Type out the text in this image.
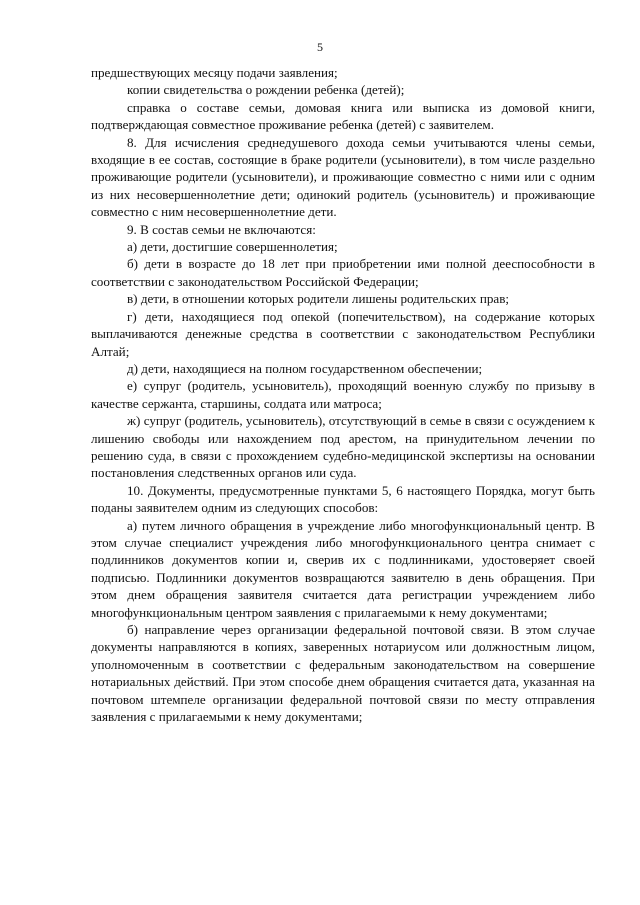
5

предшествующих месяцу подачи заявления;

копии свидетельства о рождении ребенка (детей);

справка о составе семьи, домовая книга или выписка из домовой книги, подтверждающая совместное проживание ребенка (детей) с заявителем.

8. Для исчисления среднедушевого дохода семьи учитываются члены семьи, входящие в ее состав, состоящие в браке родители (усыновители), в том числе раздельно проживающие родители (усыновители), и проживающие совместно с ними или с одним из них несовершеннолетние дети; одинокий родитель (усыновитель) и проживающие совместно с ним несовершеннолетние дети.

9. В состав семьи не включаются:

а) дети, достигшие совершеннолетия;

б) дети в возрасте до 18 лет при приобретении ими полной дееспособности в соответствии с законодательством Российской Федерации;

в) дети, в отношении которых родители лишены родительских прав;

г) дети, находящиеся под опекой (попечительством), на содержание которых выплачиваются денежные средства в соответствии с законодательством Республики Алтай;

д) дети, находящиеся на полном государственном обеспечении;

е) супруг (родитель, усыновитель), проходящий военную службу по призыву в качестве сержанта, старшины, солдата или матроса;

ж) супруг (родитель, усыновитель), отсутствующий в семье в связи с осуждением к лишению свободы или нахождением под арестом, на принудительном лечении по решению суда, в связи с прохождением судебно-медицинской экспертизы на основании постановления следственных органов или суда.

10. Документы, предусмотренные пунктами 5, 6 настоящего Порядка, могут быть поданы заявителем одним из следующих способов:

а) путем личного обращения в учреждение либо многофункциональный центр. В этом случае специалист учреждения либо многофункционального центра снимает с подлинников документов копии и, сверив их с подлинниками, удостоверяет своей подписью. Подлинники документов возвращаются заявителю в день обращения. При этом днем обращения заявителя считается дата регистрации учреждением либо многофункциональным центром заявления с прилагаемыми к нему документами;

б) направление через организации федеральной почтовой связи. В этом случае документы направляются в копиях, заверенных нотариусом или должностным лицом, уполномоченным в соответствии с федеральным законодательством на совершение нотариальных действий. При этом способе днем обращения считается дата, указанная на почтовом штемпеле организации федеральной почтовой связи по месту отправления заявления с прилагаемыми к нему документами;
